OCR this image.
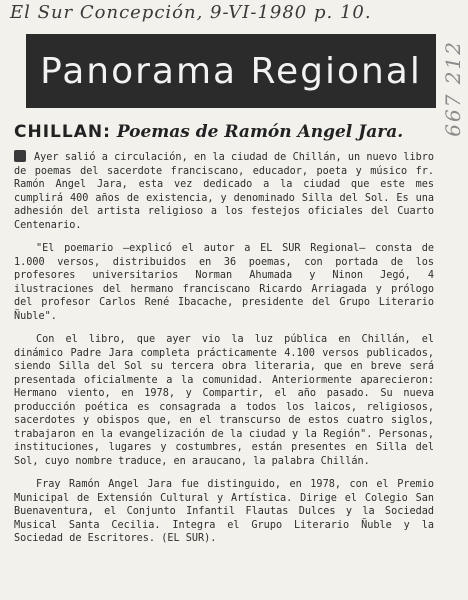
El Sur Concepción, 9-VI-1980 p. 10.
667 212
Panorama Regional
CHILLAN: Poemas de Ramón Angel Jara.

Ayer salió a circulación, en la ciudad de Chillán, un nuevo libro de poemas del sacerdote franciscano, educador, poeta y músico fr. Ramón Angel Jara, esta vez dedicado a la ciudad que este mes cumplirá 400 años de existencia, y denominado Silla del Sol. Es una adhesión del artista religioso a los festejos oficiales del Cuarto Centenario.

"El poemario —explicó el autor a EL SUR Regional— consta de 1.000 versos, distribuidos en 36 poemas, con portada de los profesores universitarios Norman Ahumada y Ninon Jegó, 4 ilustraciones del hermano franciscano Ricardo Arriagada y prólogo del profesor Carlos René Ibacache, presidente del Grupo Literario Ñuble".

Con el libro, que ayer vio la luz pública en Chillán, el dinámico Padre Jara completa prácticamente 4.100 versos publicados, siendo Silla del Sol su tercera obra literaria, que en breve será presentada oficialmente a la comunidad. Anteriormente aparecieron: Hermano viento, en 1978, y Compartir, el año pasado. Su nueva producción poética es consagrada a todos los laicos, religiosos, sacerdotes y obispos que, en el transcurso de estos cuatro siglos, trabajaron en la evangelización de la ciudad y la Región". Personas, instituciones, lugares y costumbres, están presentes en Silla del Sol, cuyo nombre traduce, en araucano, la palabra Chillán.

Fray Ramón Angel Jara fue distinguido, en 1978, con el Premio Municipal de Extensión Cultural y Artística. Dirige el Colegio San Buenaventura, el Conjunto Infantil Flautas Dulces y la Sociedad Musical Santa Cecilia. Integra el Grupo Literario Ñuble y la Sociedad de Escritores. (EL SUR).
